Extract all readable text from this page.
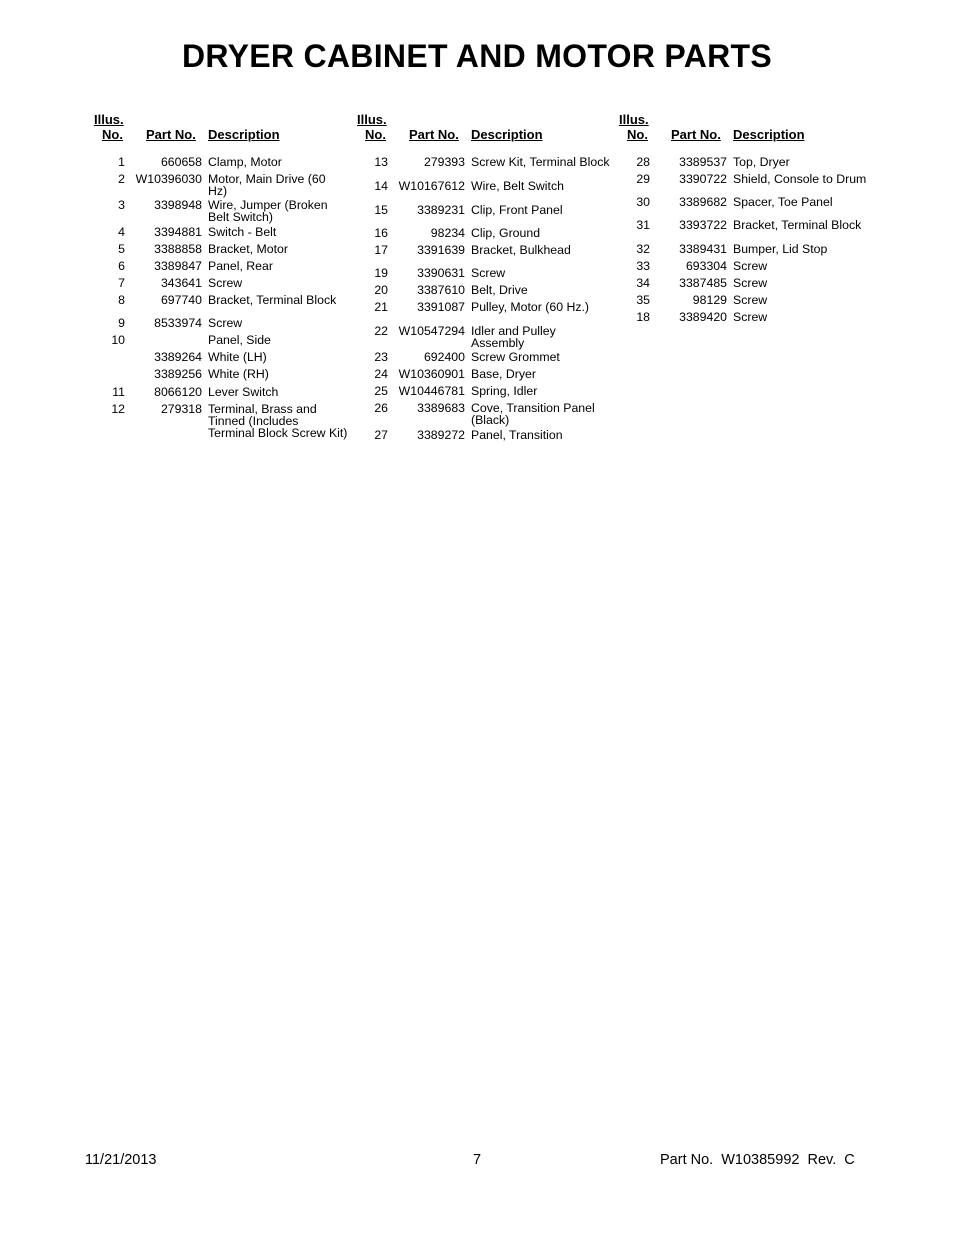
DRYER CABINET AND MOTOR PARTS
Illus.
No. Part No. Description
1	660658 Clamp, Motor
2 W10396030 Motor, Main Drive (60 Hz)
3	3398948 Wire, Jumper (Broken Belt Switch)
4	3394881 Switch - Belt
5	3388858 Bracket, Motor
6	3389847 Panel, Rear
7	343641 Screw
8	697740 Bracket, Terminal Block
9	8533974 Screw
10	Panel, Side
3389264 White (LH)
3389256 White (RH)
11	8066120 Lever Switch
12	279318 Terminal, Brass and Tinned (Includes Terminal Block Screw Kit)
Illus.
No. Part No. Description
13	279393 Screw Kit, Terminal Block
14 W10167612 Wire, Belt Switch
15	3389231 Clip, Front Panel
16	98234 Clip, Ground
17	3391639 Bracket, Bulkhead
19	3390631 Screw
20	3387610 Belt, Drive
21	3391087 Pulley, Motor (60 Hz.)
22 W10547294 Idler and Pulley Assembly
23	692400 Screw Grommet
24 W10360901 Base, Dryer
25 W10446781 Spring, Idler
26	3389683 Cove, Transition Panel (Black)
27	3389272 Panel, Transition
Illus.
No. Part No. Description
28	3389537 Top, Dryer
29	3390722 Shield, Console to Drum
30	3389682 Spacer, Toe Panel
31	3393722 Bracket, Terminal Block
32	3389431 Bumper, Lid Stop
33	693304 Screw
34	3387485 Screw
35	98129 Screw
18	3389420 Screw
11/21/2013	7	Part No.  W10385992  Rev.  C
